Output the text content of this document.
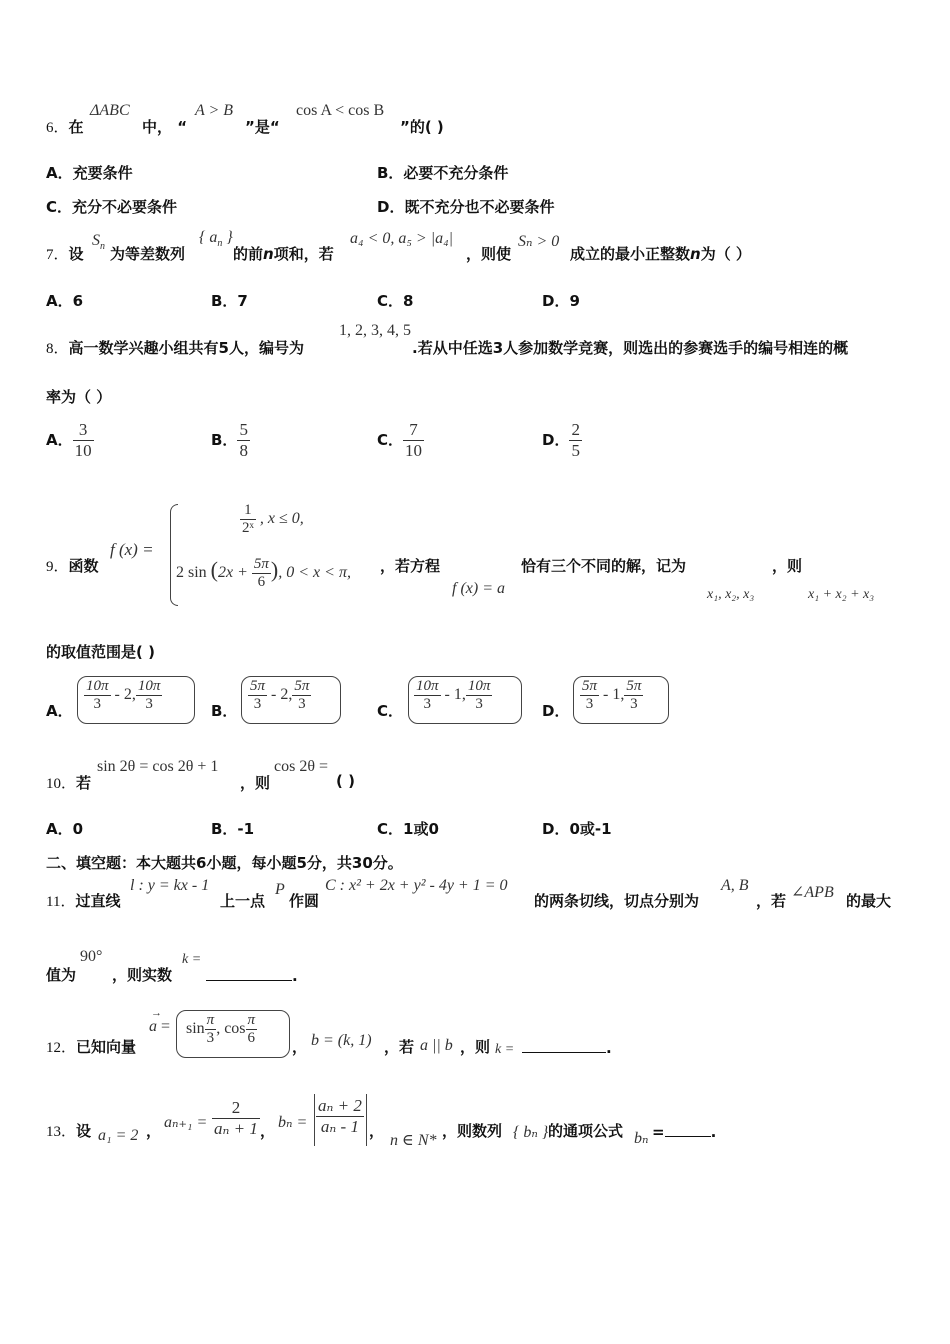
6．在
ΔABC
中， “
A > B
”是“
cos A < cos B
”的( )
A．充要条件	B．必要不充分条件
C．充分不必要条件	D．既不充分也不必要条件
7．设
$S_n$ 为等差数列
{ $a_n$ }
的前n项和，若
a₄ < 0, a₅ > |a₄|
，则使
Sₙ > 0
成立的最小正整数n为（ ）
A．6	B．7	C．8	D．9
8．高一数学兴趣小组共有5人，编号为
1, 2, 3, 4, 5
.若从中任选3人参加数学竞赛，则选出的参赛选手的编号相连的概
率为（ ）
A． $\frac{3}{10}$	B． $\frac{5}{8}$	C． $\frac{7}{10}$	D． $\frac{2}{5}$
9．函数
f (x) =
$\frac{1}{\text{2ˣ}}$ , x ≤ 0,
2 $\sin (2x + \frac{5\pi}{6}$ ), 0 < x < π, ，若方程	恰有三个不同的解，记为	，则
f (x) = a	x₁, x₂, x₃	x₁ + x₂ + x₃
的取值范围是( )
A． $\frac{10\pi}{3} - 2$, $\frac{10\pi}{3}$	B． $\frac{5\pi}{3} - 2$, $\frac{5\pi}{3}$	C． $\frac{10\pi}{3} - 1$, $\frac{10\pi}{3}$	D． $\frac{5\pi}{3} - 1$, $\frac{5\pi}{3}$
10．若
sin 2θ = cos 2θ + 1
，则
cos 2θ =
( )
A．0	B．-1	C．1或0	D．0或-1
二、填空题：本大题共6小题，每小题5分，共30分。
11．过直线
l : y = kx - 1
上一点
P
作圆
C : x² + 2x + y² - 4y + 1 = 0
的两条切线，切点分别为
A, B
，若 ∠APB 的最大
值为
90°
，则实数
k =
.
12．已知向量
→
$a = \sin \frac{\pi}{3}$ , $\cos \frac{\pi}{6}$ ， b = (k, 1) ，若 a || b ，则 k =	.
13．设 a₁ = 2 ， $a_{n+1} = \frac{2}{\text{aₙ + 1}}$ ， $b_n = \frac{\text{aₙ + 2}}{\text{aₙ - 1}}$ ，
n ∈ N*
，则数列 { bₙ } 的通项公式 bₙ =	.
